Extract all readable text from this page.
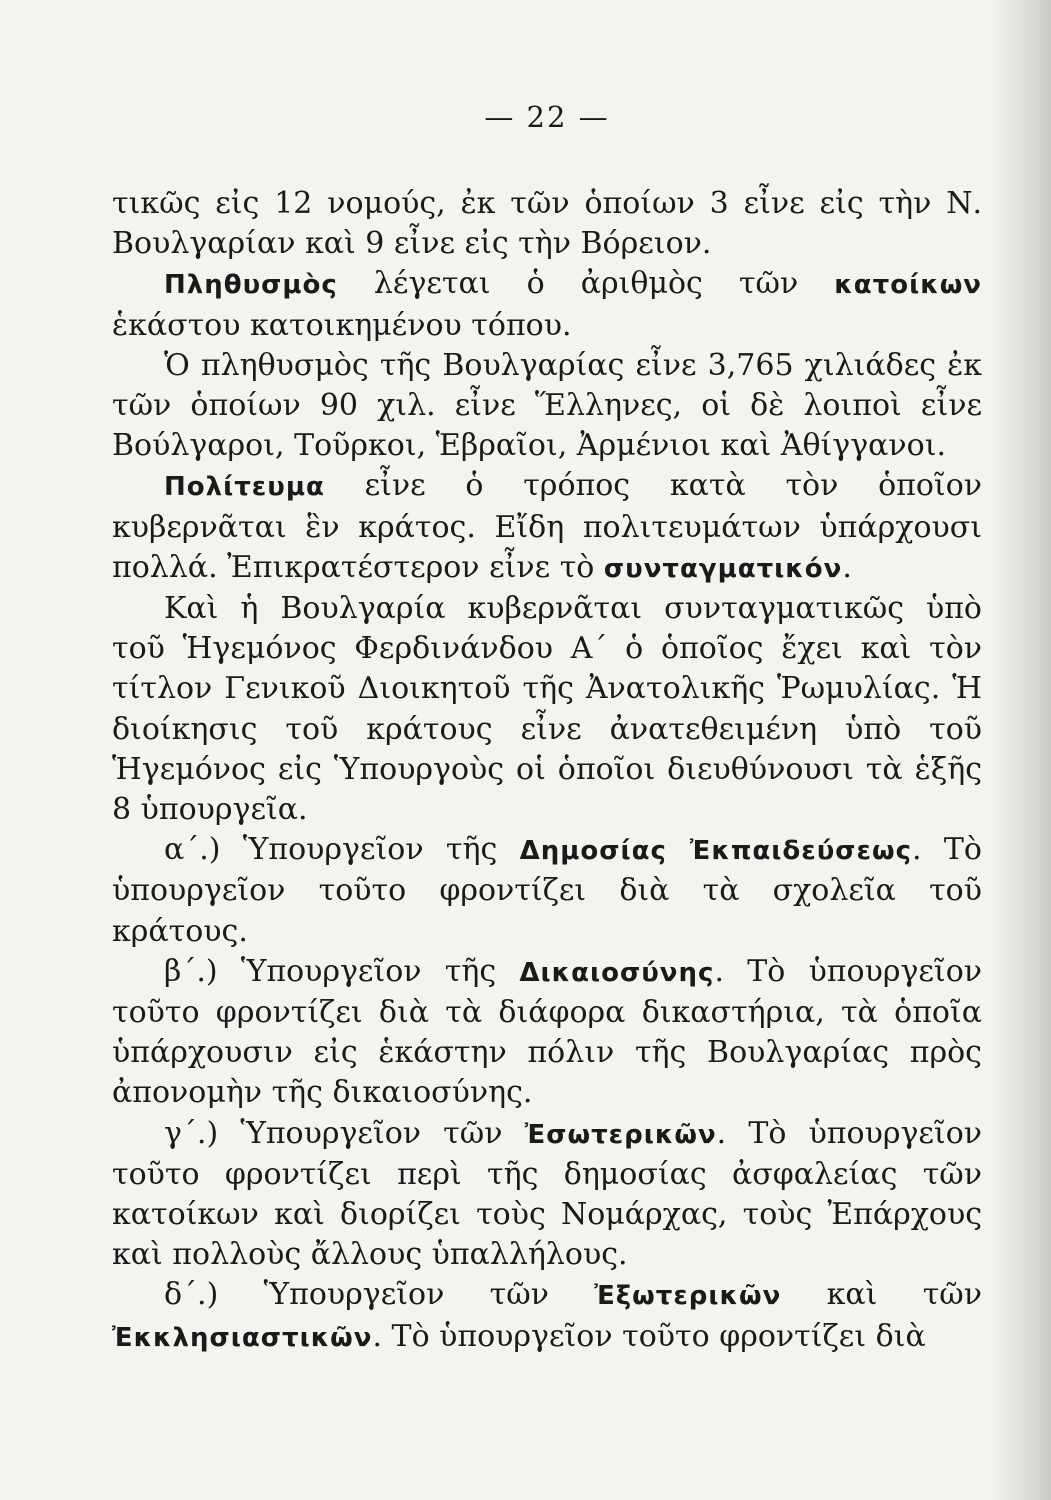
— 22 —

τικῶς εἰς 12 νομούς, ἐκ τῶν ὁποίων 3 εἶνε εἰς τὴν Ν. Βουλγαρίαν καὶ 9 εἶνε εἰς τὴν Βόρειον.

Πληθυσμὸς λέγεται ὁ ἀριθμὸς τῶν κατοίκων ἑκάστου κατοικημένου τόπου.

Ὁ πληθυσμὸς τῆς Βουλγαρίας εἶνε 3,765 χιλιάδες ἐκ τῶν ὁποίων 90 χιλ. εἶνε Ἕλληνες, οἱ δὲ λοιποὶ εἶνε Βούλγαροι, Τοῦρκοι, Ἑβραῖοι, Ἀρμένιοι καὶ Ἀθίγγανοι.

Πολίτευμα εἶνε ὁ τρόπος κατὰ τὸν ὁποῖον κυβερνᾶται ἓν κράτος. Εἴδη πολιτευμάτων ὑπάρχουσι πολλά. Ἐπικρατέστερον εἶνε τὸ συνταγματικόν.

Καὶ ἡ Βουλγαρία κυβερνᾶται συνταγματικῶς ὑπὸ τοῦ Ἡγεμόνος Φερδινάνδου Α΄ ὁ ὁποῖος ἔχει καὶ τὸν τίτλον Γενικοῦ Διοικητοῦ τῆς Ἀνατολικῆς Ῥωμυλίας. Ἡ διοίκησις τοῦ κράτους εἶνε ἀνατεθειμένη ὑπὸ τοῦ Ἡγεμόνος εἰς Ὑπουργοὺς οἱ ὁποῖοι διευθύνουσι τὰ ἑξῆς 8 ὑπουργεῖα.

α΄.) Ὑπουργεῖον τῆς Δημοσίας Ἐκπαιδεύσεως. Τὸ ὑπουργεῖον τοῦτο φροντίζει διὰ τὰ σχολεῖα τοῦ κράτους.

β΄.) Ὑπουργεῖον τῆς Δικαιοσύνης. Τὸ ὑπουργεῖον τοῦτο φροντίζει διὰ τὰ διάφορα δικαστήρια, τὰ ὁποῖα ὑπάρχουσιν εἰς ἑκάστην πόλιν τῆς Βουλγαρίας πρὸς ἀπονομὴν τῆς δικαιοσύνης.

γ΄.) Ὑπουργεῖον τῶν Ἐσωτερικῶν. Τὸ ὑπουργεῖον τοῦτο φροντίζει περὶ τῆς δημοσίας ἀσφαλείας τῶν κατοίκων καὶ διορίζει τοὺς Νομάρχας, τοὺς Ἐπάρχους καὶ πολλοὺς ἄλλους ὑπαλλήλους.

δ΄.) Ὑπουργεῖον τῶν Ἐξωτερικῶν καὶ τῶν Ἐκκλησιαστικῶν. Τὸ ὑπουργεῖον τοῦτο φροντίζει διὰ
